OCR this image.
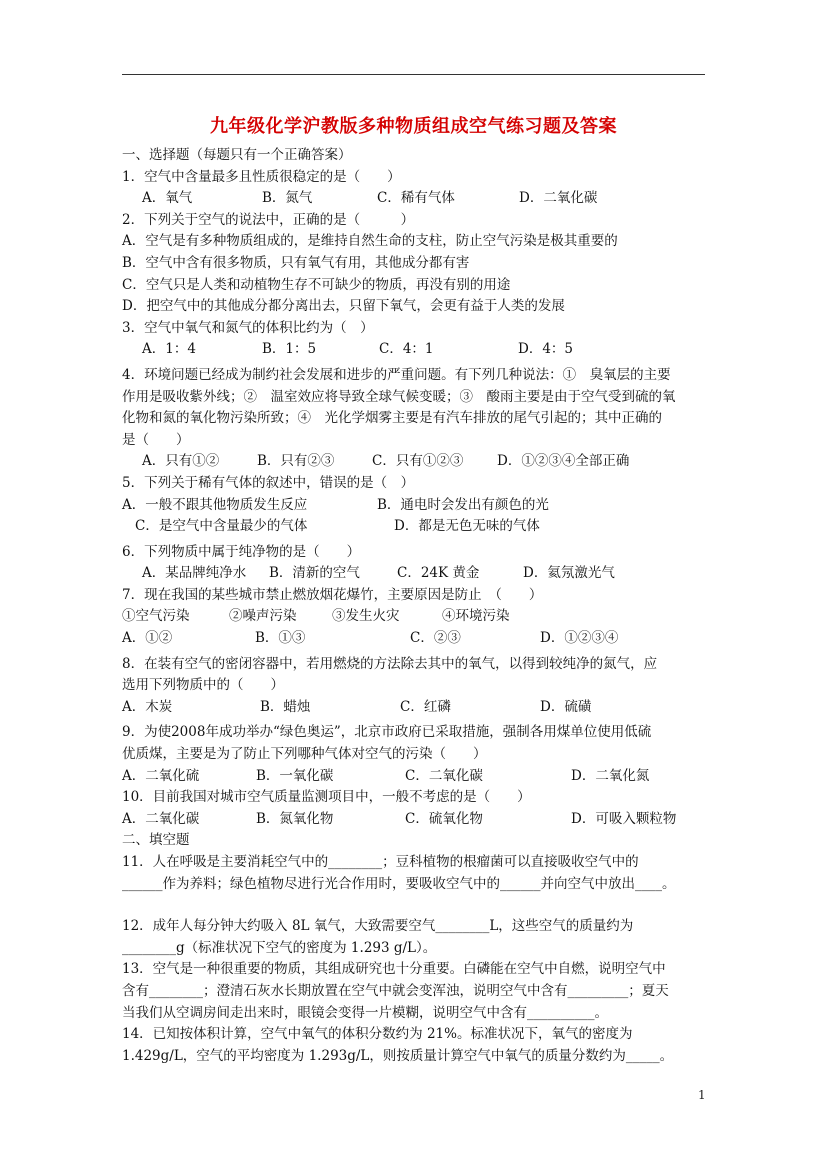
九年级化学沪教版多种物质组成空气练习题及答案
一、选择题（每题只有一个正确答案）
1．空气中含量最多且性质很稳定的是（　　）
A．氧气	B．氮气	C．稀有气体	D．二氧化碳
2．下列关于空气的说法中，正确的是（　　　）
A．空气是有多种物质组成的，是维持自然生命的支柱，防止空气污染是极其重要的
B．空气中含有很多物质，只有氧气有用，其他成分都有害
C．空气只是人类和动植物生存不可缺少的物质，再没有别的用途
D．把空气中的其他成分都分离出去，只留下氧气，会更有益于人类的发展
3．空气中氧气和氮气的体积比约为（　）
A．1：4	B．1：5	C．4：1	D．4：5
4．环境问题已经成为制约社会发展和进步的严重问题。有下列几种说法：①　臭氧层的主要
作用是吸收紫外线；②　温室效应将导致全球气候变暖；③　酸雨主要是由于空气受到硫的氧
化物和氮的氧化物污染所致；④　光化学烟雾主要是有汽车排放的尾气引起的；其中正确的
是（　　）
A．只有①②	B．只有②③	C．只有①②③	D．①②③④全部正确
5．下列关于稀有气体的叙述中，错误的是（　）
A．一般不跟其他物质发生反应	B．通电时会发出有颜色的光
C．是空气中含量最少的气体	D．都是无色无味的气体
6．下列物质中属于纯净物的是（　　）
A．某品牌纯净水	B．清新的空气	C．24K 黄金	D．氦氖激光气
7．现在我国的某些城市禁止燃放烟花爆竹，主要原因是防止　（　　）
①空气污染	②噪声污染	③发生火灾	④环境污染
A．①②	B．①③	C．②③	D．①②③④
8．在装有空气的密闭容器中，若用燃烧的方法除去其中的氧气，以得到较纯净的氮气，应
选用下列物质中的（　　）
A．木炭	B．蜡烛	C．红磷	D．硫磺
9．为使2008年成功举办“绿色奥运”，北京市政府已采取措施，强制各用煤单位使用低硫
优质煤，主要是为了防止下列哪种气体对空气的污染（　　）
A．二氧化硫	B．一氧化碳	C．二氧化碳	D．二氧化氮
10．目前我国对城市空气质量监测项目中，一般不考虑的是（　　）
A．二氧化碳	B．氮氧化物	C．硫氧化物	D．可吸入颗粒物
二、填空题
11．人在呼吸是主要消耗空气中的________；豆科植物的根瘤菌可以直接吸收空气中的
______作为养料；绿色植物尽进行光合作用时，要吸收空气中的______并向空气中放出____。
12．成年人每分钟大约吸入 8L 氧气，大致需要空气________L，这些空气的质量约为
________g（标准状况下空气的密度为 1.293 g/L）。
13．空气是一种很重要的物质，其组成研究也十分重要。白磷能在空气中自燃，说明空气中
含有________；澄清石灰水长期放置在空气中就会变浑浊，说明空气中含有_________；夏天
当我们从空调房间走出来时，眼镜会变得一片模糊，说明空气中含有__________。
14．已知按体积计算，空气中氧气的体积分数约为 21%。标准状况下，氧气的密度为
1.429g/L，空气的平均密度为 1.293g/L，则按质量计算空气中氧气的质量分数约为_____。
1
